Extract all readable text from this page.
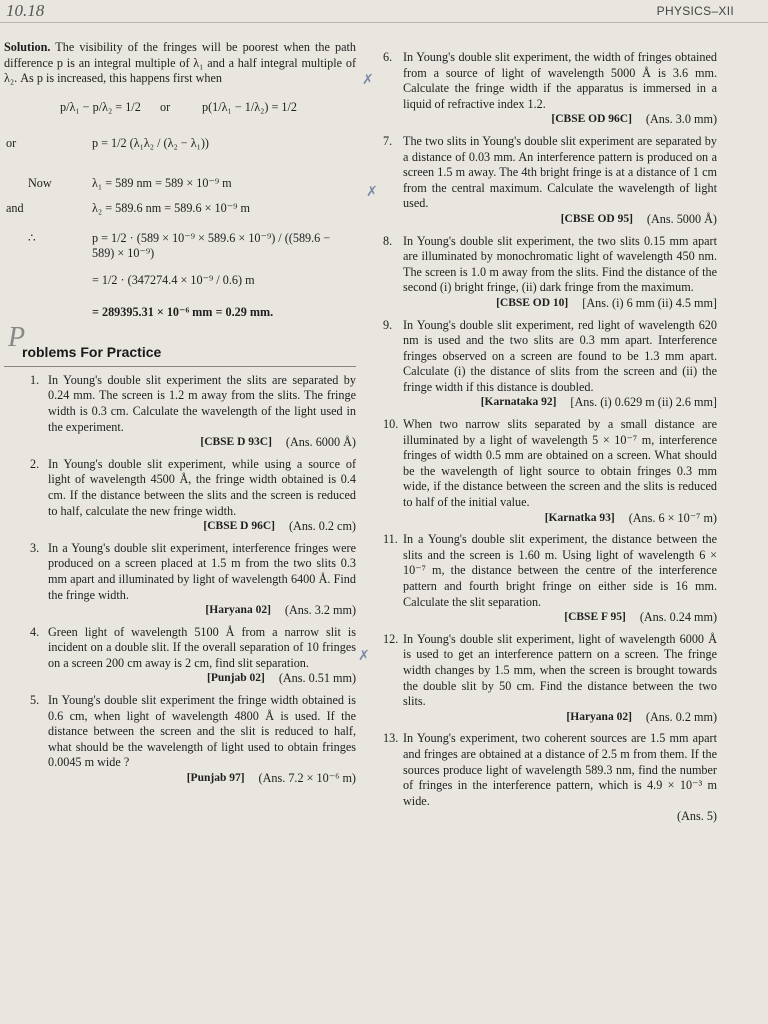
10.18	PHYSICS–XII

Solution. The visibility of the fringes will be poorest when the path difference p is an integral multiple of λ₁ and a half integral multiple of λ₂. As p is increased, this happens first when

p/λ₁ − p/λ₂ = 1/2 or	p(1/λ₁ − 1/λ₂) = 1/2
or	p = 1/2 (λ₁λ₂ / (λ₂ − λ₁))
Now	λ₁ = 589 nm = 589 × 10⁻⁹ m
and	λ₂ = 589.6 nm = 589.6 × 10⁻⁹ m
∴	p = 1/2 · (589 × 10⁻⁹ × 589.6 × 10⁻⁹) / ((589.6 − 589) × 10⁻⁹)
= 1/2 · (347274.4 × 10⁻⁹ / 0.6) m
= 289395.31 × 10⁻⁶ mm = 0.29 mm.
P
roblems For Practice
1. In Young's double slit experiment the slits are separated by 0.24 mm. The screen is 1.2 m away from the slits. The fringe width is 0.3 cm. Calculate the wavelength of the light used in the experiment.

[CBSE D 93C] (Ans. 6000 Å)
2. In Young's double slit experiment, while using a source of light of wavelength 4500 Å, the fringe width obtained is 0.4 cm. If the distance between the slits and the screen is reduced to half, calculate the new fringe width.

[CBSE D 96C] (Ans. 0.2 cm)
3. In a Young's double slit experiment, interference fringes were produced on a screen placed at 1.5 m from the two slits 0.3 mm apart and illuminated by light of wavelength 6400 Å. Find the fringe width.

[Haryana 02] (Ans. 3.2 mm)
4. Green light of wavelength 5100 Å from a narrow slit is incident on a double slit. If the overall separation of 10 fringes on a screen 200 cm away is 2 cm, find slit separation.

[Punjab 02] (Ans. 0.51 mm)
5. In Young's double slit experiment the fringe width obtained is 0.6 cm, when light of wavelength 4800 Å is used. If the distance between the screen and the slit is reduced to half, what should be the wavelength of light used to obtain fringes 0.0045 m wide ?

[Punjab 97] (Ans. 7.2 × 10⁻⁶ m)
6. In Young's double slit experiment, the width of fringes obtained from a source of light of wavelength 5000 Å is 3.6 mm. Calculate the fringe width if the apparatus is immersed in a liquid of refractive index 1.2.

[CBSE OD 96C] (Ans. 3.0 mm)
7. The two slits in Young's double slit experiment are separated by a distance of 0.03 mm. An interference pattern is produced on a screen 1.5 m away. The 4th bright fringe is at a distance of 1 cm from the central maximum. Calculate the wavelength of light used.

[CBSE OD 95] (Ans. 5000 Å)
8. In Young's double slit experiment, the two slits 0.15 mm apart are illuminated by monochromatic light of wavelength 450 nm. The screen is 1.0 m away from the slits. Find the distance of the second (i) bright fringe, (ii) dark fringe from the maximum.

[CBSE OD 10] [Ans. (i) 6 mm (ii) 4.5 mm]
9. In Young's double slit experiment, red light of wavelength 620 nm is used and the two slits are 0.3 mm apart. Interference fringes observed on a screen are found to be 1.3 mm apart. Calculate (i) the distance of slits from the screen and (ii) the fringe width if this distance is doubled.

[Karnataka 92] [Ans. (i) 0.629 m (ii) 2.6 mm]
10. When two narrow slits separated by a small distance are illuminated by a light of wavelength 5 × 10⁻⁷ m, interference fringes of width 0.5 mm are obtained on a screen. What should be the wavelength of light source to obtain fringes 0.3 mm wide, if the distance between the screen and the slits is reduced to half of the initial value.

[Karnatka 93] (Ans. 6 × 10⁻⁷ m)
11. In a Young's double slit experiment, the distance between the slits and the screen is 1.60 m. Using light of wavelength 6 × 10⁻⁷ m, the distance between the centre of the interference pattern and fourth bright fringe on either side is 16 mm. Calculate the slit separation.

[CBSE F 95] (Ans. 0.24 mm)
12. In Young's double slit experiment, light of wavelength 6000 Å is used to get an interference pattern on a screen. The fringe width changes by 1.5 mm, when the screen is brought towards the double slit by 50 cm. Find the distance between the two slits.

[Haryana 02] (Ans. 0.2 mm)
13. In Young's experiment, two coherent sources are 1.5 mm apart and fringes are obtained at a distance of 2.5 m from them. If the sources produce light of wavelength 589.3 nm, find the number of fringes in the interference pattern, which is 4.9 × 10⁻³ m wide.

(Ans. 5)
✗
✗
✗
